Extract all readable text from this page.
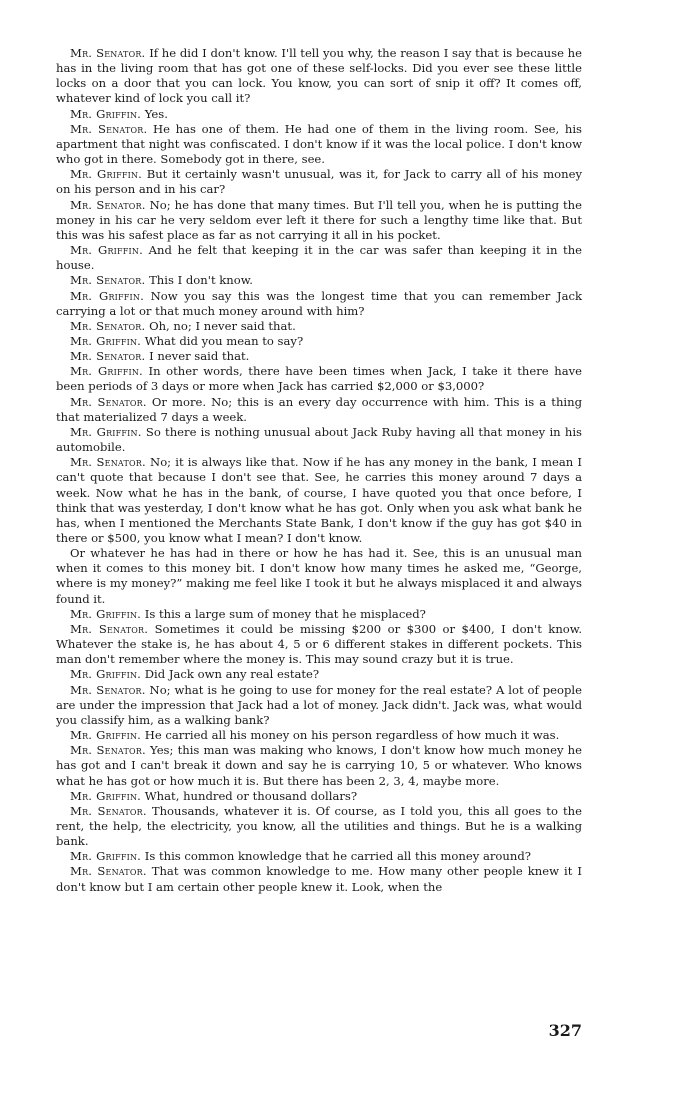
Mr. Senator. If he did I don't know. I'll tell you why, the reason I say that is because he has in the living room that has got one of these self-locks. Did you ever see these little locks on a door that you can lock. You know, you can sort of snip it off? It comes off, whatever kind of lock you call it?

Mr. Griffin. Yes.

Mr. Senator. He has one of them. He had one of them in the living room. See, his apartment that night was confiscated. I don't know if it was the local police. I don't know who got in there. Somebody got in there, see.

Mr. Griffin. But it certainly wasn't unusual, was it, for Jack to carry all of his money on his person and in his car?

Mr. Senator. No; he has done that many times. But I'll tell you, when he is putting the money in his car he very seldom ever left it there for such a lengthy time like that. But this was his safest place as far as not carrying it all in his pocket.

Mr. Griffin. And he felt that keeping it in the car was safer than keeping it in the house.

Mr. Senator. This I don't know.

Mr. Griffin. Now you say this was the longest time that you can remember Jack carrying a lot or that much money around with him?

Mr. Senator. Oh, no; I never said that.

Mr. Griffin. What did you mean to say?

Mr. Senator. I never said that.

Mr. Griffin. In other words, there have been times when Jack, I take it there have been periods of 3 days or more when Jack has carried $2,000 or $3,000?

Mr. Senator. Or more. No; this is an every day occurrence with him. This is a thing that materialized 7 days a week.

Mr. Griffin. So there is nothing unusual about Jack Ruby having all that money in his automobile.

Mr. Senator. No; it is always like that. Now if he has any money in the bank, I mean I can't quote that because I don't see that. See, he carries this money around 7 days a week. Now what he has in the bank, of course, I have quoted you that once before, I think that was yesterday, I don't know what he has got. Only when you ask what bank he has, when I mentioned the Merchants State Bank, I don't know if the guy has got $40 in there or $500, you know what I mean? I don't know.

Or whatever he has had in there or how he has had it. See, this is an unusual man when it comes to this money bit. I don't know how many times he asked me, “George, where is my money?” making me feel like I took it but he always misplaced it and always found it.

Mr. Griffin. Is this a large sum of money that he misplaced?

Mr. Senator. Sometimes it could be missing $200 or $300 or $400, I don't know. Whatever the stake is, he has about 4, 5 or 6 different stakes in different pockets. This man don't remember where the money is. This may sound crazy but it is true.

Mr. Griffin. Did Jack own any real estate?

Mr. Senator. No; what is he going to use for money for the real estate? A lot of people are under the impression that Jack had a lot of money. Jack didn't. Jack was, what would you classify him, as a walking bank?

Mr. Griffin. He carried all his money on his person regardless of how much it was.

Mr. Senator. Yes; this man was making who knows, I don't know how much money he has got and I can't break it down and say he is carrying 10, 5 or whatever. Who knows what he has got or how much it is. But there has been 2, 3, 4, maybe more.

Mr. Griffin. What, hundred or thousand dollars?

Mr. Senator. Thousands, whatever it is. Of course, as I told you, this all goes to the rent, the help, the electricity, you know, all the utilities and things. But he is a walking bank.

Mr. Griffin. Is this common knowledge that he carried all this money around?

Mr. Senator. That was common knowledge to me. How many other people knew it I don't know but I am certain other people knew it. Look, when the

327
